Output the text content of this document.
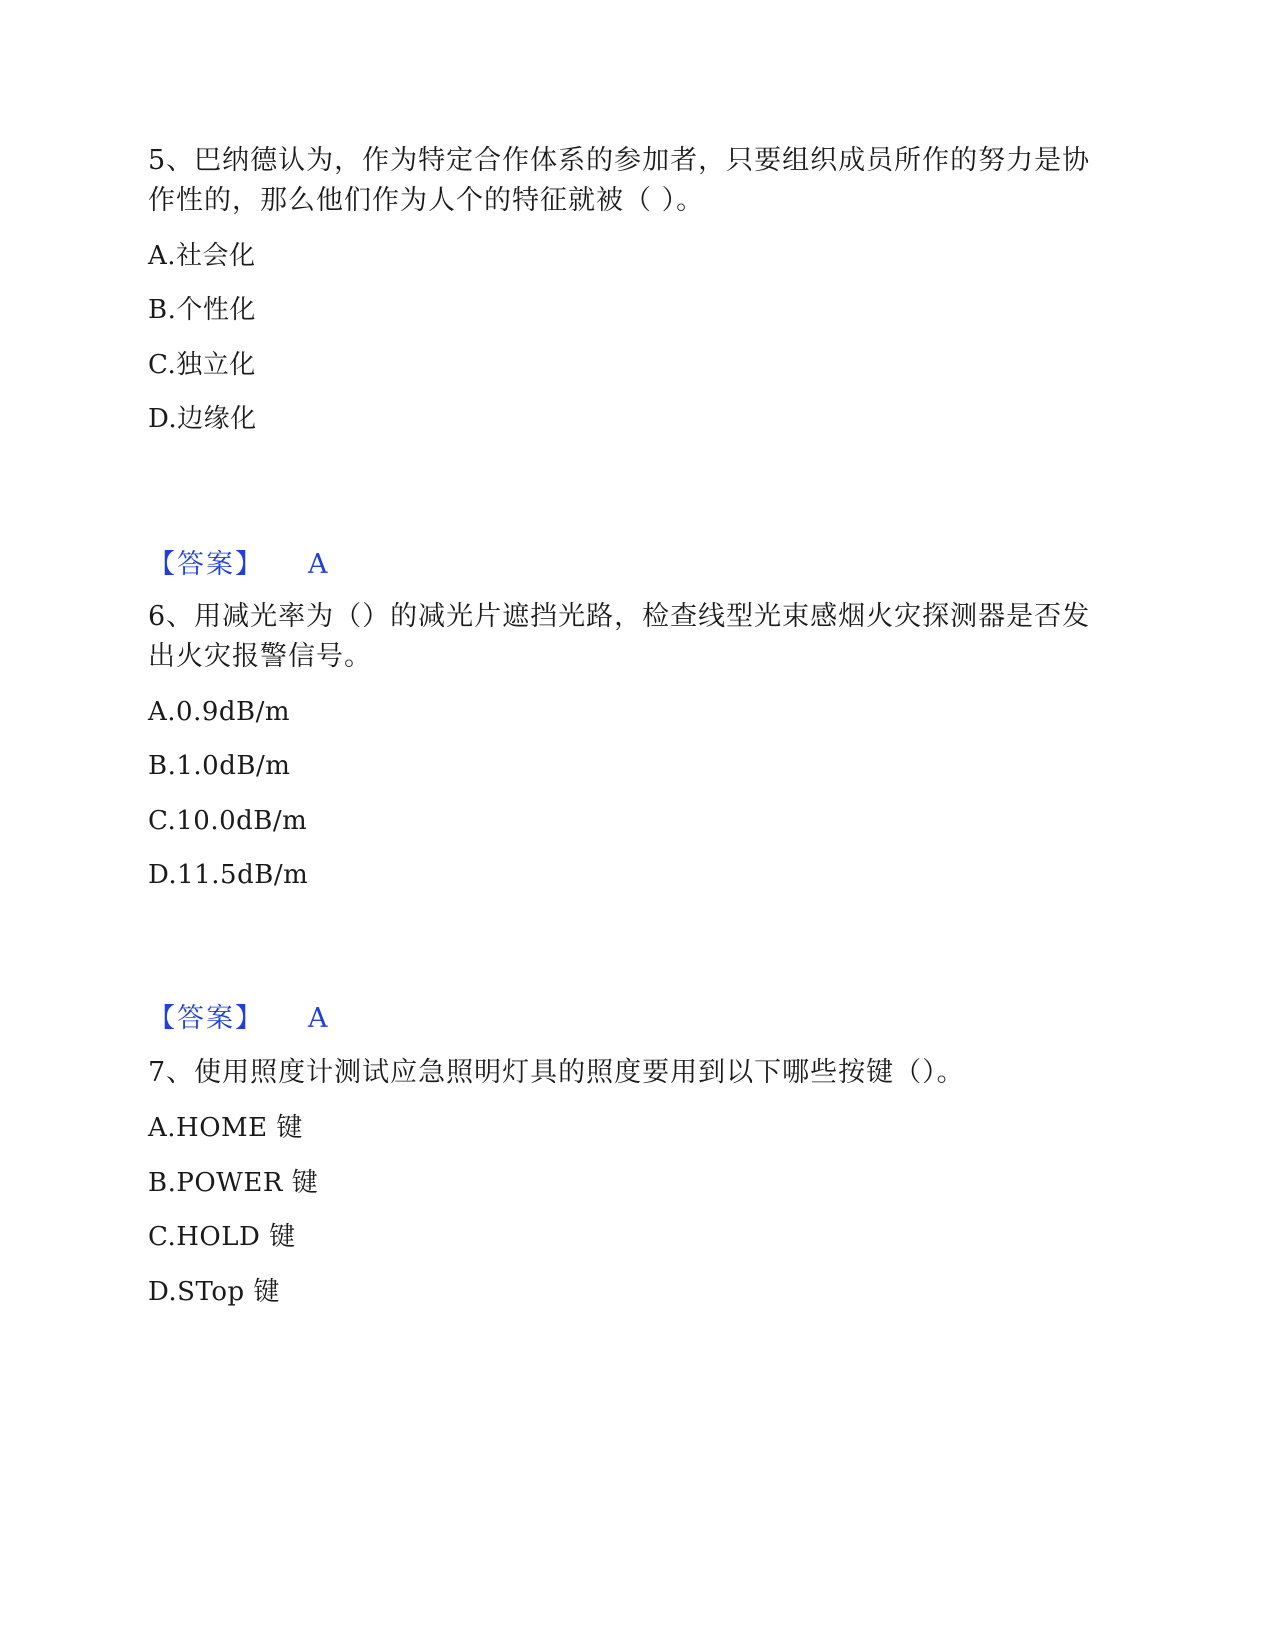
5、巴纳德认为，作为特定合作体系的参加者，只要组织成员所作的努力是协作性的，那么他们作为人个的特征就被（ ）。
A.社会化
B.个性化
C.独立化
D.边缘化
【答案】 A
6、用减光率为（）的减光片遮挡光路，检查线型光束感烟火灾探测器是否发出火灾报警信号。
A.0.9dB/m
B.1.0dB/m
C.10.0dB/m
D.11.5dB/m
【答案】 A
7、使用照度计测试应急照明灯具的照度要用到以下哪些按键（）。
A.HOME 键
B.POWER 键
C.HOLD 键
D.STop 键
